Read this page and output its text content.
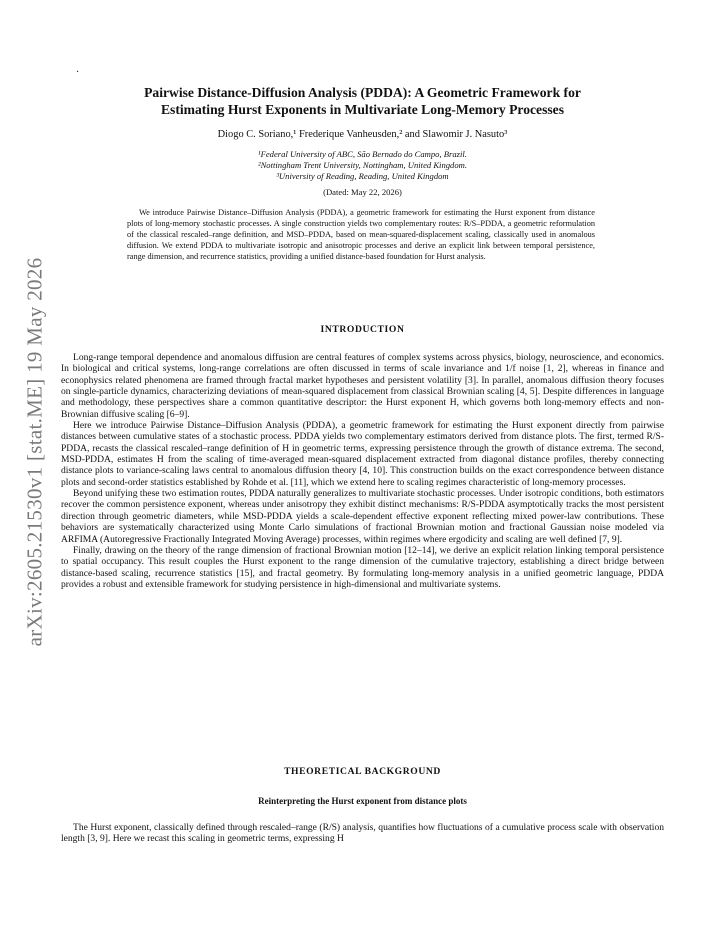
.
arXiv:2605.21530v1 [stat.ME] 19 May 2026
Pairwise Distance-Diffusion Analysis (PDDA): A Geometric Framework for
Estimating Hurst Exponents in Multivariate Long-Memory Processes
Diogo C. Soriano,¹ Frederique Vanheusden,² and Slawomir J. Nasuto³
¹Federal University of ABC, São Bernado do Campo, Brazil.
²Nottingham Trent University, Nottingham, United Kingdom.
³University of Reading, Reading, United Kingdom
(Dated: May 22, 2026)

We introduce Pairwise Distance–Diffusion Analysis (PDDA), a geometric framework for estimating the Hurst exponent from distance plots of long-memory stochastic processes. A single construction yields two complementary routes: R/S–PDDA, a geometric reformulation of the classical rescaled–range definition, and MSD–PDDA, based on mean-squared-displacement scaling, classically used in anomalous diffusion. We extend PDDA to multivariate isotropic and anisotropic processes and derive an explicit link between temporal persistence, range dimension, and recurrence statistics, providing a unified distance-based foundation for Hurst analysis.

INTRODUCTION

Long-range temporal dependence and anomalous diffusion are central features of complex systems across physics, biology, neuroscience, and economics. In biological and critical systems, long-range correlations are often discussed in terms of scale invariance and 1/f noise [1, 2], whereas in finance and econophysics related phenomena are framed through fractal market hypotheses and persistent volatility [3]. In parallel, anomalous diffusion theory focuses on single-particle dynamics, characterizing deviations of mean-squared displacement from classical Brownian scaling [4, 5]. Despite differences in language and methodology, these perspectives share a common quantitative descriptor: the Hurst exponent H, which governs both long-memory effects and non-Brownian diffusive scaling [6–9].

Here we introduce Pairwise Distance–Diffusion Analysis (PDDA), a geometric framework for estimating the Hurst exponent directly from pairwise distances between cumulative states of a stochastic process. PDDA yields two complementary estimators derived from distance plots. The first, termed R/S-PDDA, recasts the classical rescaled–range definition of H in geometric terms, expressing persistence through the growth of distance extrema. The second, MSD-PDDA, estimates H from the scaling of time-averaged mean-squared displacement extracted from diagonal distance profiles, thereby connecting distance plots to variance-scaling laws central to anomalous diffusion theory [4, 10]. This construction builds on the exact correspondence between distance plots and second-order statistics established by Rohde et al. [11], which we extend here to scaling regimes characteristic of long-memory processes.

Beyond unifying these two estimation routes, PDDA naturally generalizes to multivariate stochastic processes. Under isotropic conditions, both estimators recover the common persistence exponent, whereas under anisotropy they exhibit distinct mechanisms: R/S-PDDA asymptotically tracks the most persistent direction through geometric diameters, while MSD-PDDA yields a scale-dependent effective exponent reflecting mixed power-law contributions. These behaviors are systematically characterized using Monte Carlo simulations of fractional Brownian motion and fractional Gaussian noise modeled via ARFIMA (Autoregressive Fractionally Integrated Moving Average) processes, within regimes where ergodicity and scaling are well defined [7, 9].

Finally, drawing on the theory of the range dimension of fractional Brownian motion [12–14], we derive an explicit relation linking temporal persistence to spatial occupancy. This result couples the Hurst exponent to the range dimension of the cumulative trajectory, establishing a direct bridge between distance-based scaling, recurrence statistics [15], and fractal geometry. By formulating long-memory analysis in a unified geometric language, PDDA provides a robust and extensible framework for studying persistence in high-dimensional and multivariate systems.

THEORETICAL BACKGROUND
Reinterpreting the Hurst exponent from distance plots

The Hurst exponent, classically defined through rescaled–range (R/S) analysis, quantifies how fluctuations of a cumulative process scale with observation length [3, 9]. Here we recast this scaling in geometric terms, expressing H
